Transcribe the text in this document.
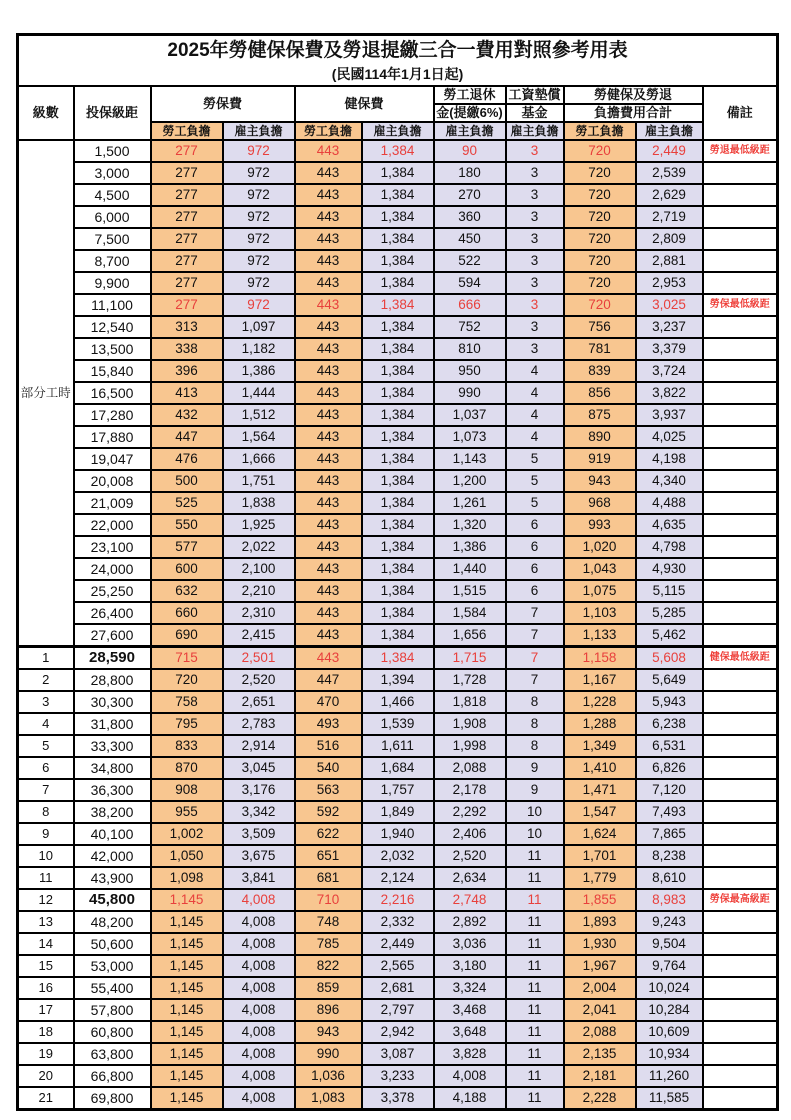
2025年勞健保保費及勞退提繳三合一費用對照參考用表
(民國114年1月1日起)										

級數	投保級距	勞保費		健保費		勞工退休	工資墊償	勞健保及勞退		備註
						金(提繳6%)	基金	負擔費用合計		
		勞工負擔	雇主負擔	勞工負擔	雇主負擔	雇主負擔	雇主負擔	勞工負擔	雇主負擔	
部分工時	1,500	277	972	443	1,384	90	3	720	2,449	勞退最低級距
	3,000	277	972	443	1,384	180	3	720	2,539	
	4,500	277	972	443	1,384	270	3	720	2,629	
	6,000	277	972	443	1,384	360	3	720	2,719	
	7,500	277	972	443	1,384	450	3	720	2,809	
	8,700	277	972	443	1,384	522	3	720	2,881	
	9,900	277	972	443	1,384	594	3	720	2,953	
	11,100	277	972	443	1,384	666	3	720	3,025	勞保最低級距
	12,540	313	1,097	443	1,384	752	3	756	3,237	
	13,500	338	1,182	443	1,384	810	3	781	3,379	
	15,840	396	1,386	443	1,384	950	4	839	3,724	
	16,500	413	1,444	443	1,384	990	4	856	3,822	
	17,280	432	1,512	443	1,384	1,037	4	875	3,937	
	17,880	447	1,564	443	1,384	1,073	4	890	4,025	
	19,047	476	1,666	443	1,384	1,143	5	919	4,198	
	20,008	500	1,751	443	1,384	1,200	5	943	4,340	
	21,009	525	1,838	443	1,384	1,261	5	968	4,488	
	22,000	550	1,925	443	1,384	1,320	6	993	4,635	
	23,100	577	2,022	443	1,384	1,386	6	1,020	4,798	
	24,000	600	2,100	443	1,384	1,440	6	1,043	4,930	
	25,250	632	2,210	443	1,384	1,515	6	1,075	5,115	
	26,400	660	2,310	443	1,384	1,584	7	1,103	5,285	
	27,600	690	2,415	443	1,384	1,656	7	1,133	5,462	
1	28,590	715	2,501	443	1,384	1,715	7	1,158	5,608	健保最低級距
2	28,800	720	2,520	447	1,394	1,728	7	1,167	5,649	
3	30,300	758	2,651	470	1,466	1,818	8	1,228	5,943	
4	31,800	795	2,783	493	1,539	1,908	8	1,288	6,238	
5	33,300	833	2,914	516	1,611	1,998	8	1,349	6,531	
6	34,800	870	3,045	540	1,684	2,088	9	1,410	6,826	
7	36,300	908	3,176	563	1,757	2,178	9	1,471	7,120	
8	38,200	955	3,342	592	1,849	2,292	10	1,547	7,493	
9	40,100	1,002	3,509	622	1,940	2,406	10	1,624	7,865	
10	42,000	1,050	3,675	651	2,032	2,520	11	1,701	8,238	
11	43,900	1,098	3,841	681	2,124	2,634	11	1,779	8,610	
12	45,800	1,145	4,008	710	2,216	2,748	11	1,855	8,983	勞保最高級距
13	48,200	1,145	4,008	748	2,332	2,892	11	1,893	9,243	
14	50,600	1,145	4,008	785	2,449	3,036	11	1,930	9,504	
15	53,000	1,145	4,008	822	2,565	3,180	11	1,967	9,764	
16	55,400	1,145	4,008	859	2,681	3,324	11	2,004	10,024	
17	57,800	1,145	4,008	896	2,797	3,468	11	2,041	10,284	
18	60,800	1,145	4,008	943	2,942	3,648	11	2,088	10,609	
19	63,800	1,145	4,008	990	3,087	3,828	11	2,135	10,934	
20	66,800	1,145	4,008	1,036	3,233	4,008	11	2,181	11,260	
21	69,800	1,145	4,008	1,083	3,378	4,188	11	2,228	11,585	
